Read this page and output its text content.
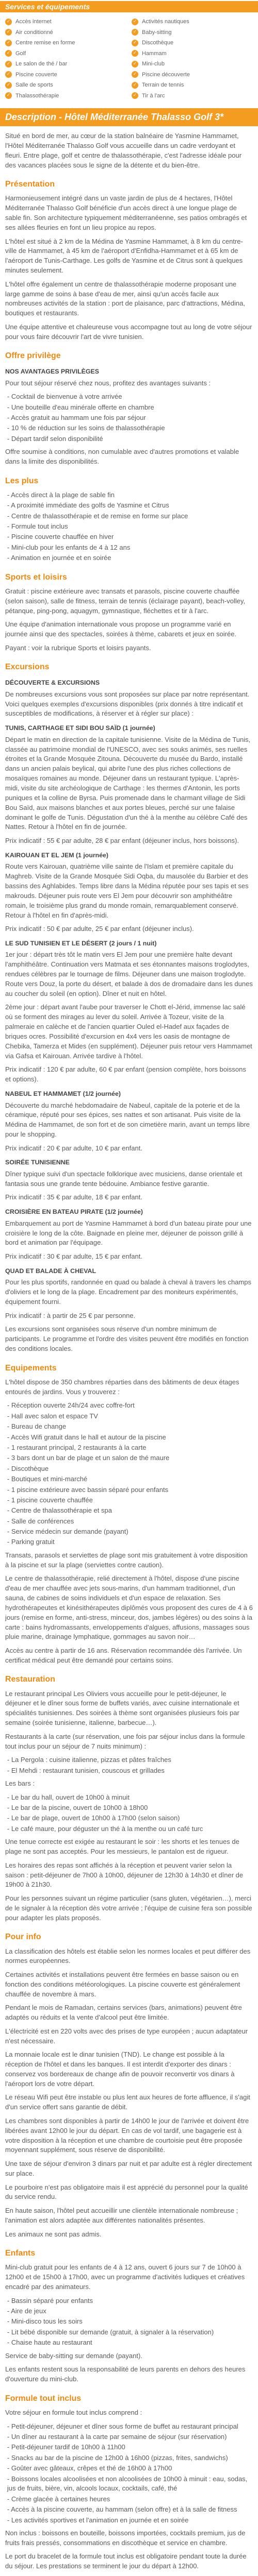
Services et équipements
✓ Accès internet	✓ Activités nautiques
✓ Air conditionné	✓ Baby-sitting
✓ Centre remise en forme	✓ Discothèque
✓ Golf	✓ Hammam
✓ Le salon de thé / bar	✓ Mini-club
✓ Piscine couverte	✓ Piscine découverte
✓ Salle de sports	✓ Terrain de tennis
✓ Thalassothérapie	✓ Tir à l'arc
Description - Hôtel Méditerranée Thalasso Golf 3*
Situé en bord de mer, au cœur de la station balnéaire de Yasmine Hammamet, l'Hôtel Méditerranée Thalasso Golf vous accueille dans un cadre verdoyant et fleuri. Entre plage, golf et centre de thalassothérapie, c'est l'adresse idéale pour des vacances placées sous le signe de la détente et du bien-être.
Présentation
Harmonieusement intégré dans un vaste jardin de plus de 4 hectares, l'Hôtel Méditerranée Thalasso Golf bénéficie d'un accès direct à une longue plage de sable fin. Son architecture typiquement méditerranéenne, ses patios ombragés et ses allées fleuries en font un lieu propice au repos.
L'hôtel est situé à 2 km de la Médina de Yasmine Hammamet, à 8 km du centre-ville de Hammamet, à 45 km de l'aéroport d'Enfidha-Hammamet et à 65 km de l'aéroport de Tunis-Carthage. Les golfs de Yasmine et de Citrus sont à quelques minutes seulement.
L'hôtel offre également un centre de thalassothérapie moderne proposant une large gamme de soins à base d'eau de mer, ainsi qu'un accès facile aux nombreuses activités de la station : port de plaisance, parc d'attractions, Médina, boutiques et restaurants.
Une équipe attentive et chaleureuse vous accompagne tout au long de votre séjour pour vous faire découvrir l'art de vivre tunisien.
Offre privilège
NOS AVANTAGES PRIVILÈGES
Pour tout séjour réservé chez nous, profitez des avantages suivants :
- Cocktail de bienvenue à votre arrivée
- Une bouteille d'eau minérale offerte en chambre
- Accès gratuit au hammam une fois par séjour
- 10 % de réduction sur les soins de thalassothérapie
- Départ tardif selon disponibilité
Offre soumise à conditions, non cumulable avec d'autres promotions et valable dans la limite des disponibilités.
Les plus
- Accès direct à la plage de sable fin
- A proximité immédiate des golfs de Yasmine et Citrus
- Centre de thalassothérapie et de remise en forme sur place
- Formule tout inclus
- Piscine couverte chauffée en hiver
- Mini-club pour les enfants de 4 à 12 ans
- Animation en journée et en soirée
Sports et loisirs
Gratuit : piscine extérieure avec transats et parasols, piscine couverte chauffée (selon saison), salle de fitness, terrain de tennis (éclairage payant), beach-volley, pétanque, ping-pong, aquagym, gymnastique, fléchettes et tir à l'arc.
Une équipe d'animation internationale vous propose un programme varié en journée ainsi que des spectacles, soirées à thème, cabarets et jeux en soirée.
Payant : voir la rubrique Sports et loisirs payants.
Excursions
DÉCOUVERTE & EXCURSIONS
De nombreuses excursions vous sont proposées sur place par notre représentant. Voici quelques exemples d'excursions disponibles (prix donnés à titre indicatif et susceptibles de modifications, à réserver et à régler sur place) :
TUNIS, CARTHAGE ET SIDI BOU SAÏD (1 journée)
Départ le matin en direction de la capitale tunisienne. Visite de la Médina de Tunis, classée au patrimoine mondial de l'UNESCO, avec ses souks animés, ses ruelles étroites et la Grande Mosquée Zitouna. Découverte du musée du Bardo, installé dans un ancien palais beylical, qui abrite l'une des plus riches collections de mosaïques romaines au monde. Déjeuner dans un restaurant typique. L'après-midi, visite du site archéologique de Carthage : les thermes d'Antonin, les ports puniques et la colline de Byrsa. Puis promenade dans le charmant village de Sidi Bou Saïd, aux maisons blanches et aux portes bleues, perché sur une falaise dominant le golfe de Tunis. Dégustation d'un thé à la menthe au célèbre Café des Nattes. Retour à l'hôtel en fin de journée.
Prix indicatif : 55 € par adulte, 28 € par enfant (déjeuner inclus, hors boissons).
KAIROUAN ET EL JEM (1 journée)
Route vers Kairouan, quatrième ville sainte de l'Islam et première capitale du Maghreb. Visite de la Grande Mosquée Sidi Oqba, du mausolée du Barbier et des bassins des Aghlabides. Temps libre dans la Médina réputée pour ses tapis et ses makrouds. Déjeuner puis route vers El Jem pour découvrir son amphithéâtre romain, le troisième plus grand du monde romain, remarquablement conservé. Retour à l'hôtel en fin d'après-midi.
Prix indicatif : 50 € par adulte, 25 € par enfant (déjeuner inclus).
LE SUD TUNISIEN ET LE DÉSERT (2 jours / 1 nuit)
1er jour : départ très tôt le matin vers El Jem pour une première halte devant l'amphithéâtre. Continuation vers Matmata et ses étonnantes maisons troglodytes, rendues célèbres par le tournage de films. Déjeuner dans une maison troglodyte. Route vers Douz, la porte du désert, et balade à dos de dromadaire dans les dunes au coucher du soleil (en option). Dîner et nuit en hôtel.
2ème jour : départ avant l'aube pour traverser le Chott el-Jérid, immense lac salé où se forment des mirages au lever du soleil. Arrivée à Tozeur, visite de la palmeraie en calèche et de l'ancien quartier Ouled el-Hadef aux façades de briques ocres. Possibilité d'excursion en 4x4 vers les oasis de montagne de Chebika, Tamerza et Mides (en supplément). Déjeuner puis retour vers Hammamet via Gafsa et Kairouan. Arrivée tardive à l'hôtel.
Prix indicatif : 120 € par adulte, 60 € par enfant (pension complète, hors boissons et options).
NABEUL ET HAMMAMET (1/2 journée)
Découverte du marché hebdomadaire de Nabeul, capitale de la poterie et de la céramique, réputé pour ses épices, ses nattes et son artisanat. Puis visite de la Médina de Hammamet, de son fort et de son cimetière marin, avant un temps libre pour le shopping.
Prix indicatif : 20 € par adulte, 10 € par enfant.
SOIRÉE TUNISIENNE
Dîner typique suivi d'un spectacle folklorique avec musiciens, danse orientale et fantasia sous une grande tente bédouine. Ambiance festive garantie.
Prix indicatif : 35 € par adulte, 18 € par enfant.
CROISIÈRE EN BATEAU PIRATE (1/2 journée)
Embarquement au port de Yasmine Hammamet à bord d'un bateau pirate pour une croisière le long de la côte. Baignade en pleine mer, déjeuner de poisson grillé à bord et animation par l'équipage.
Prix indicatif : 30 € par adulte, 15 € par enfant.
QUAD ET BALADE À CHEVAL
Pour les plus sportifs, randonnée en quad ou balade à cheval à travers les champs d'oliviers et le long de la plage. Encadrement par des moniteurs expérimentés, équipement fourni.
Prix indicatif : à partir de 25 € par personne.
Les excursions sont organisées sous réserve d'un nombre minimum de participants. Le programme et l'ordre des visites peuvent être modifiés en fonction des conditions locales.
Equipements
L'hôtel dispose de 350 chambres réparties dans des bâtiments de deux étages entourés de jardins. Vous y trouverez :
- Réception ouverte 24h/24 avec coffre-fort
- Hall avec salon et espace TV
- Bureau de change
- Accès Wifi gratuit dans le hall et autour de la piscine
- 1 restaurant principal, 2 restaurants à la carte
- 3 bars dont un bar de plage et un salon de thé maure
- Discothèque
- Boutiques et mini-marché
- 1 piscine extérieure avec bassin séparé pour enfants
- 1 piscine couverte chauffée
- Centre de thalassothérapie et spa
- Salle de conférences
- Service médecin sur demande (payant)
- Parking gratuit
Transats, parasols et serviettes de plage sont mis gratuitement à votre disposition à la piscine et sur la plage (serviettes contre caution).
Le centre de thalassothérapie, relié directement à l'hôtel, dispose d'une piscine d'eau de mer chauffée avec jets sous-marins, d'un hammam traditionnel, d'un sauna, de cabines de soins individuels et d'un espace de relaxation. Ses hydrothérapeutes et kinésithérapeutes diplômés vous proposent des cures de 4 à 6 jours (remise en forme, anti-stress, minceur, dos, jambes légères) ou des soins à la carte : bains hydromassants, enveloppements d'algues, affusions, massages sous pluie marine, drainage lymphatique, gommages au savon noir…
Accès au centre à partir de 16 ans. Réservation recommandée dès l'arrivée. Un certificat médical peut être demandé pour certains soins.
Restauration
Le restaurant principal Les Oliviers vous accueille pour le petit-déjeuner, le déjeuner et le dîner sous forme de buffets variés, avec cuisine internationale et spécialités tunisiennes. Des soirées à thème sont organisées plusieurs fois par semaine (soirée tunisienne, italienne, barbecue…).
Restaurants à la carte (sur réservation, une fois par séjour inclus dans la formule tout inclus pour un séjour de 7 nuits minimum) :
- La Pergola : cuisine italienne, pizzas et pâtes fraîches
- El Mehdi : restaurant tunisien, couscous et grillades
Les bars :
- Le bar du hall, ouvert de 10h00 à minuit
- Le bar de la piscine, ouvert de 10h00 à 18h00
- Le bar de plage, ouvert de 10h00 à 17h00 (selon saison)
- Le café maure, pour déguster un thé à la menthe ou un café turc
Une tenue correcte est exigée au restaurant le soir : les shorts et les tenues de plage ne sont pas acceptés. Pour les messieurs, le pantalon est de rigueur.
Les horaires des repas sont affichés à la réception et peuvent varier selon la saison : petit-déjeuner de 7h00 à 10h00, déjeuner de 12h30 à 14h30 et dîner de 19h00 à 21h30.
Pour les personnes suivant un régime particulier (sans gluten, végétarien…), merci de le signaler à la réception dès votre arrivée ; l'équipe de cuisine fera son possible pour adapter les plats proposés.
Pour info
La classification des hôtels est établie selon les normes locales et peut différer des normes européennes.
Certaines activités et installations peuvent être fermées en basse saison ou en fonction des conditions météorologiques. La piscine couverte est généralement chauffée de novembre à mars.
Pendant le mois de Ramadan, certains services (bars, animations) peuvent être adaptés ou réduits et la vente d'alcool peut être limitée.
L'électricité est en 220 volts avec des prises de type européen ; aucun adaptateur n'est nécessaire.
La monnaie locale est le dinar tunisien (TND). Le change est possible à la réception de l'hôtel et dans les banques. Il est interdit d'exporter des dinars : conservez vos bordereaux de change afin de pouvoir reconvertir vos dinars à l'aéroport lors de votre départ.
Le réseau Wifi peut être instable ou plus lent aux heures de forte affluence, il s'agit d'un service offert sans garantie de débit.
Les chambres sont disponibles à partir de 14h00 le jour de l'arrivée et doivent être libérées avant 12h00 le jour du départ. En cas de vol tardif, une bagagerie est à votre disposition à la réception et une chambre de courtoisie peut être proposée moyennant supplément, sous réserve de disponibilité.
Une taxe de séjour d'environ 3 dinars par nuit et par adulte est à régler directement sur place.
Le pourboire n'est pas obligatoire mais il est apprécié du personnel pour la qualité du service rendu.
En haute saison, l'hôtel peut accueillir une clientèle internationale nombreuse ; l'animation est alors adaptée aux différentes nationalités présentes.
Les animaux ne sont pas admis.
Enfants
Mini-club gratuit pour les enfants de 4 à 12 ans, ouvert 6 jours sur 7 de 10h00 à 12h00 et de 15h00 à 17h00, avec un programme d'activités ludiques et créatives encadré par des animateurs.
- Bassin séparé pour enfants
- Aire de jeux
- Mini-disco tous les soirs
- Lit bébé disponible sur demande (gratuit, à signaler à la réservation)
- Chaise haute au restaurant
Service de baby-sitting sur demande (payant).
Les enfants restent sous la responsabilité de leurs parents en dehors des heures d'ouverture du mini-club.
Formule tout inclus
Votre séjour en formule tout inclus comprend :
- Petit-déjeuner, déjeuner et dîner sous forme de buffet au restaurant principal
- Un dîner au restaurant à la carte par semaine de séjour (sur réservation)
- Petit-déjeuner tardif de 10h00 à 11h00
- Snacks au bar de la piscine de 12h00 à 16h00 (pizzas, frites, sandwichs)
- Goûter avec gâteaux, crêpes et thé de 16h00 à 17h00
- Boissons locales alcoolisées et non alcoolisées de 10h00 à minuit : eau, sodas, jus de fruits, bière, vin, alcools locaux, cocktails, café, thé
- Crème glacée à certaines heures
- Accès à la piscine couverte, au hammam (selon offre) et à la salle de fitness
- Les activités sportives et l'animation en journée et en soirée
Non inclus : boissons en bouteille, boissons importées, cocktails premium, jus de fruits frais pressés, consommations en discothèque et service en chambre.
Le port du bracelet de la formule tout inclus est obligatoire pendant toute la durée du séjour. Les prestations se terminent le jour du départ à 12h00.
